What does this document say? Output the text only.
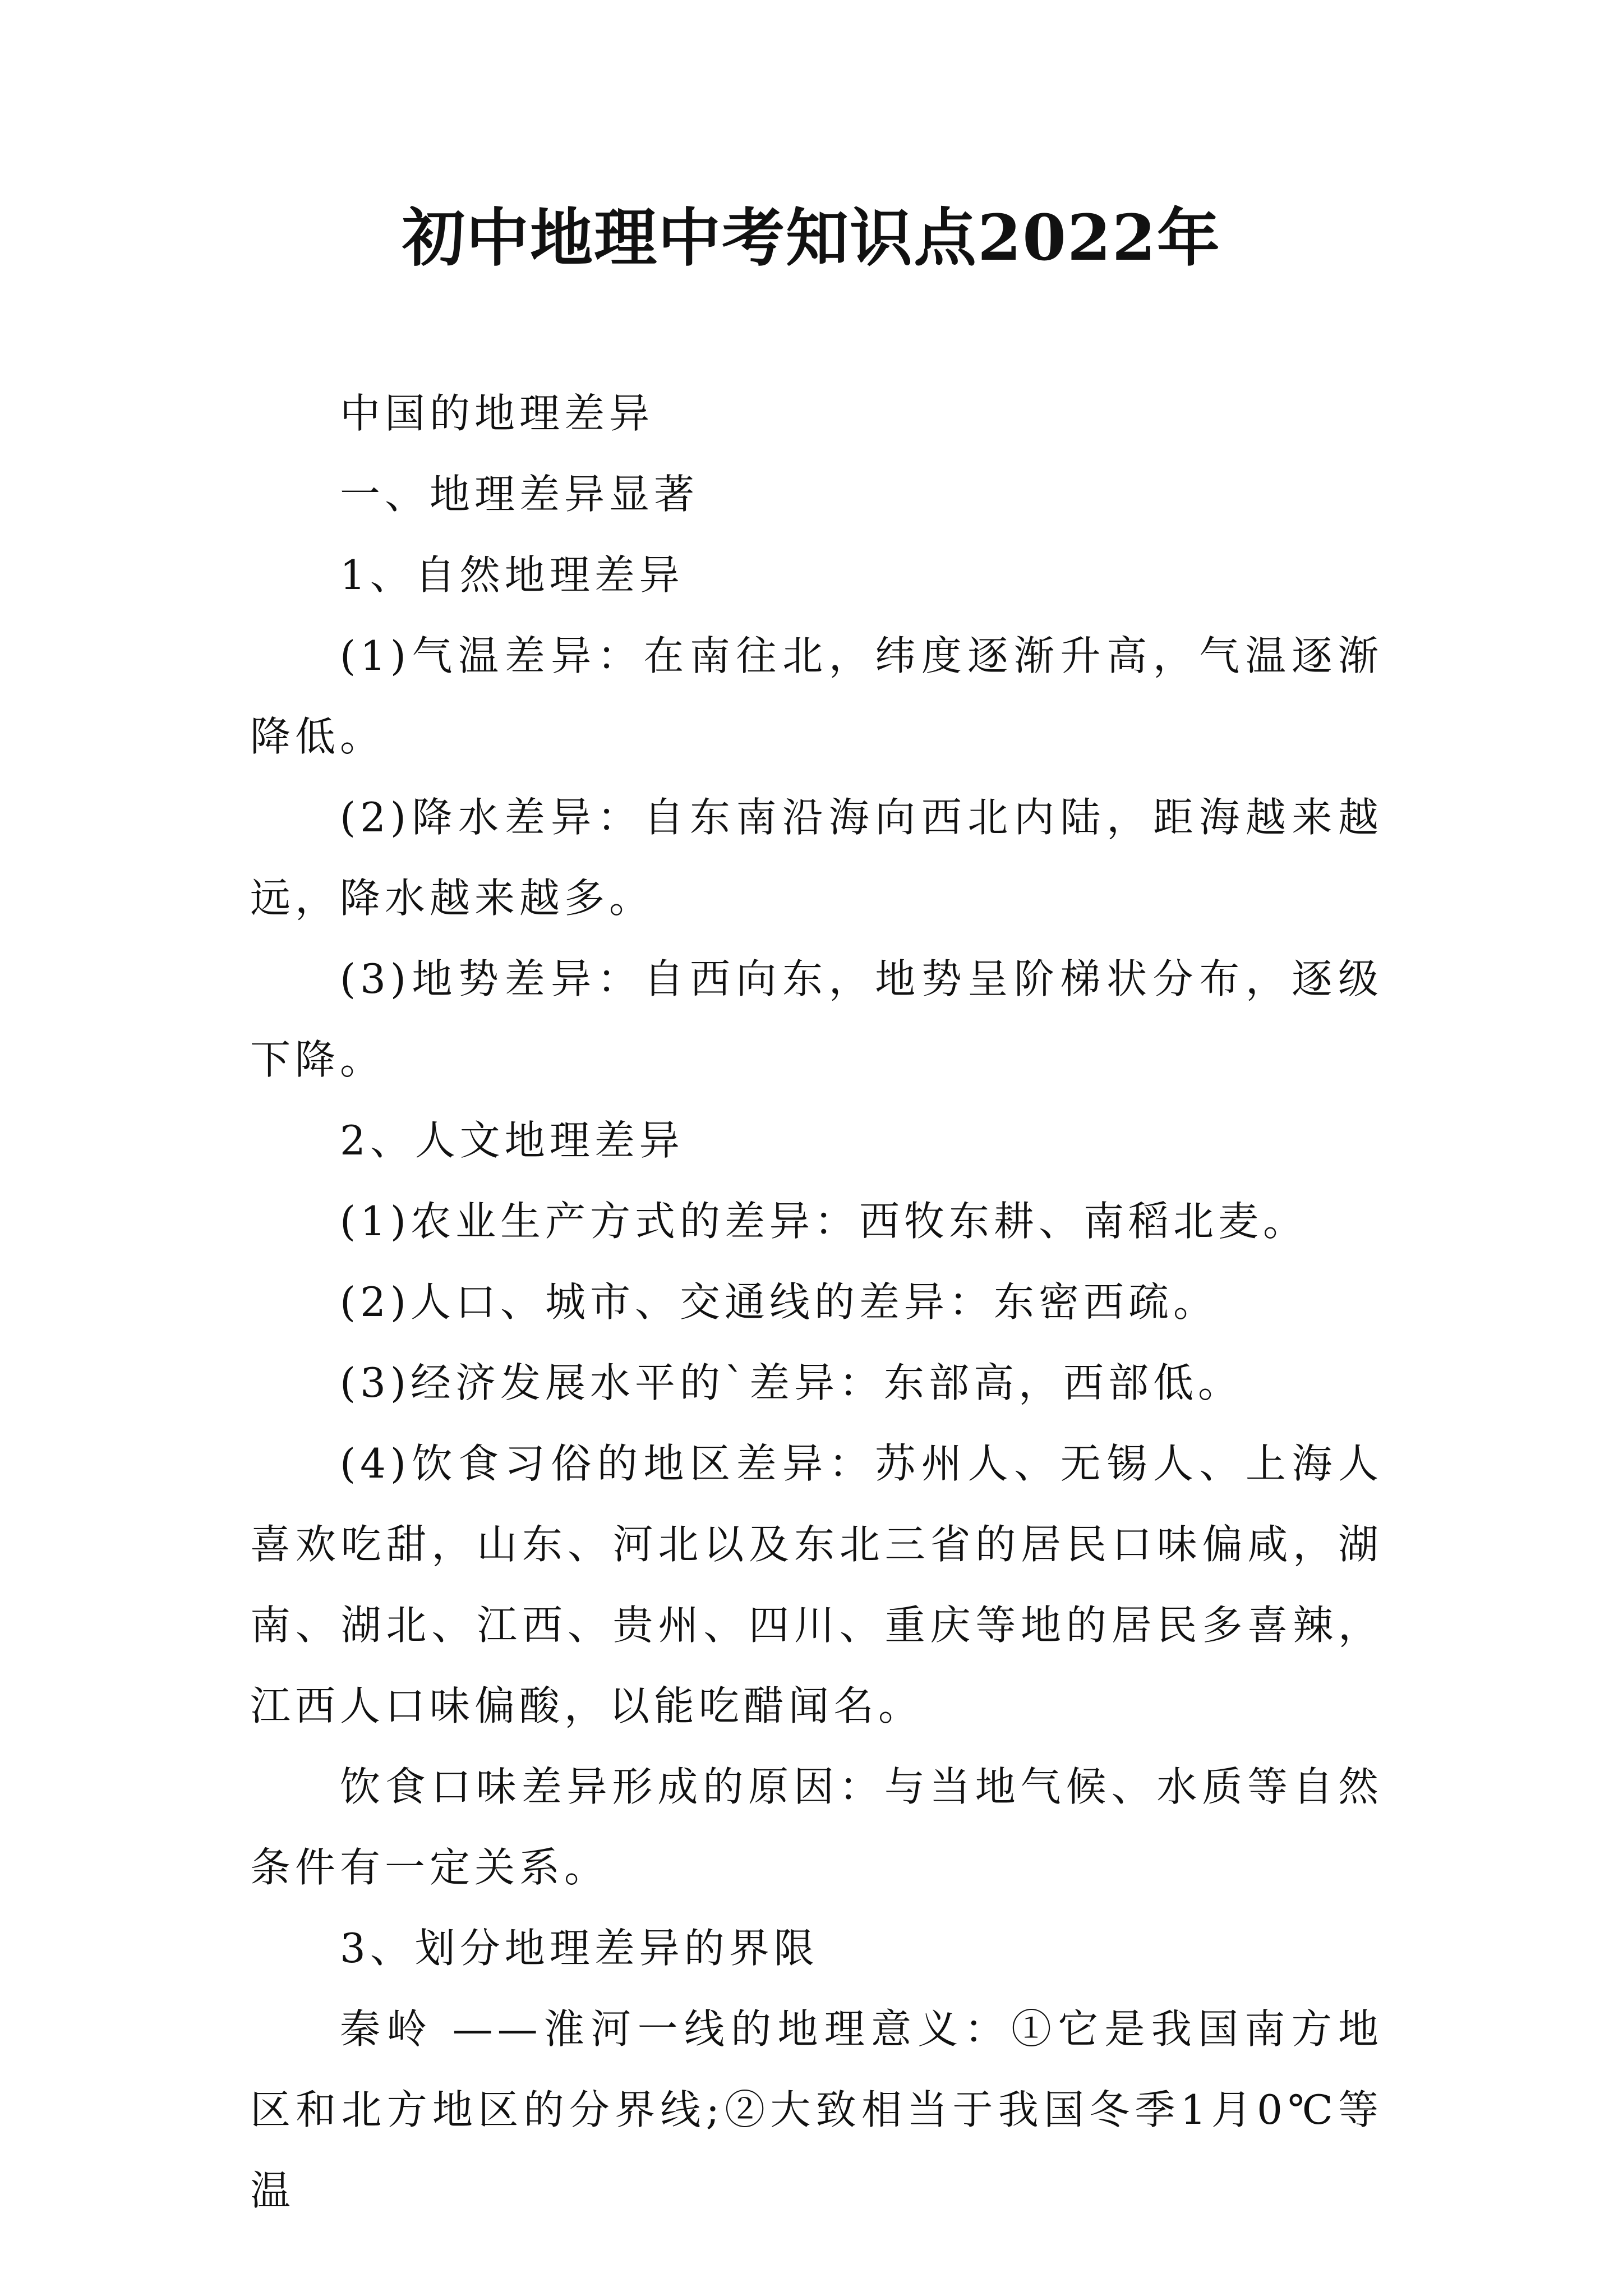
初中地理中考知识点2022年

中国的地理差异

一、地理差异显著

1、自然地理差异

(1)气温差异：在南往北，纬度逐渐升高，气温逐渐降低。

(2)降水差异：自东南沿海向西北内陆，距海越来越远，降水越来越多。

(3)地势差异：自西向东，地势呈阶梯状分布，逐级下降。

2、人文地理差异

(1)农业生产方式的差异：西牧东耕、南稻北麦。

(2)人口、城市、交通线的差异：东密西疏。

(3)经济发展水平的`差异：东部高，西部低。

(4)饮食习俗的地区差异：苏州人、无锡人、上海人喜欢吃甜，山东、河北以及东北三省的居民口味偏咸，湖南、湖北、江西、贵州、四川、重庆等地的居民多喜辣，江西人口味偏酸，以能吃醋闻名。

饮食口味差异形成的原因：与当地气候、水质等自然条件有一定关系。

3、划分地理差异的界限

秦岭 ——淮河一线的地理意义：①它是我国南方地区和北方地区的分界线;②大致相当于我国冬季1月0℃等温
